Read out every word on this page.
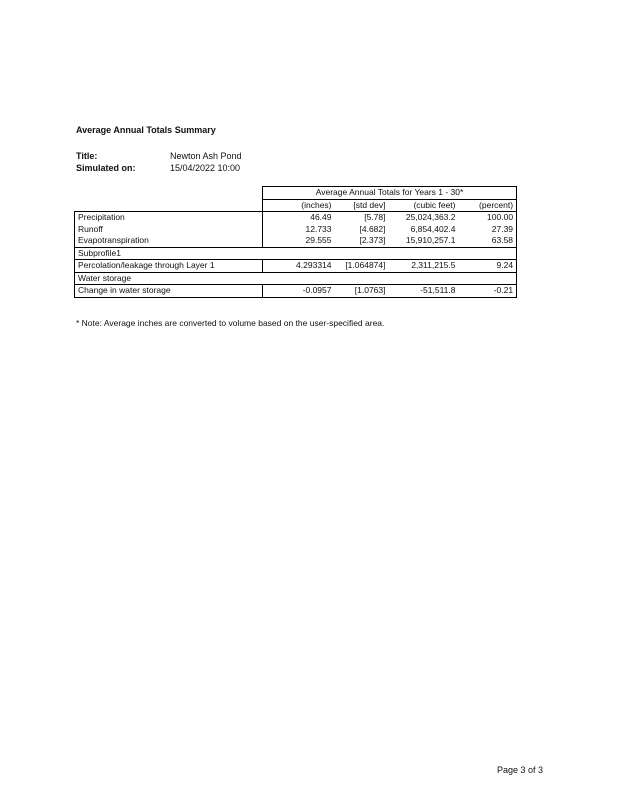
Average Annual Totals Summary
Title:	Newton Ash Pond
Simulated on:	15/04/2022 10:00
	Average Annual Totals for Years 1 - 30*			
	(inches)	[std dev]	(cubic feet)	(percent)
Precipitation	46.49	[5.78]	25,024,363.2	100.00
Runoff	12.733	[4.682]	6,854,402.4	27.39
Evapotranspiration	29.555	[2.373]	15,910,257.1	63.58
Subprofile1				
Percolation/leakage through Layer 1	4.293314	[1.064874]	2,311,215.5	9.24
Water storage				
Change in water storage	-0.0957	[1.0763]	-51,511.8	-0.21
* Note: Average inches are converted to volume based on the user-specified area.
Page 3 of 3
